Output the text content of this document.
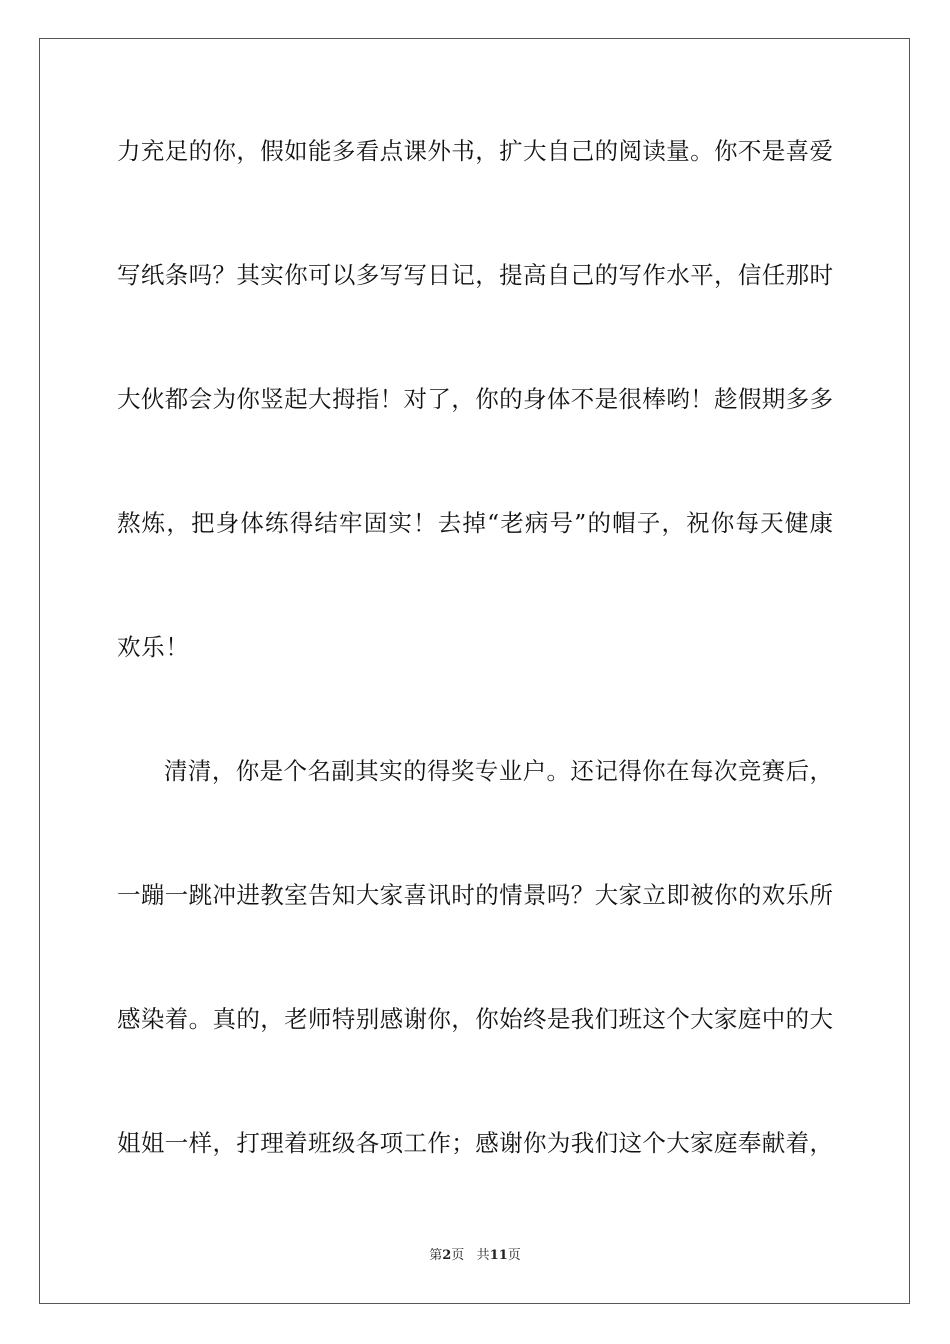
力充足的你，假如能多看点课外书，扩大自己的阅读量。你不是喜爱
写纸条吗？其实你可以多写写日记，提高自己的写作水平，信任那时
大伙都会为你竖起大拇指！对了，你的身体不是很棒哟！趁假期多多
熬炼，把身体练得结牢固实！去掉“老病号”的帽子，祝你每天健康
欢乐！
清清，你是个名副其实的得奖专业户。还记得你在每次竞赛后，
一蹦一跳冲进教室告知大家喜讯时的情景吗？大家立即被你的欢乐所
感染着。真的，老师特别感谢你，你始终是我们班这个大家庭中的大
姐姐一样，打理着班级各项工作；感谢你为我们这个大家庭奉献着，
第2页 共11页
